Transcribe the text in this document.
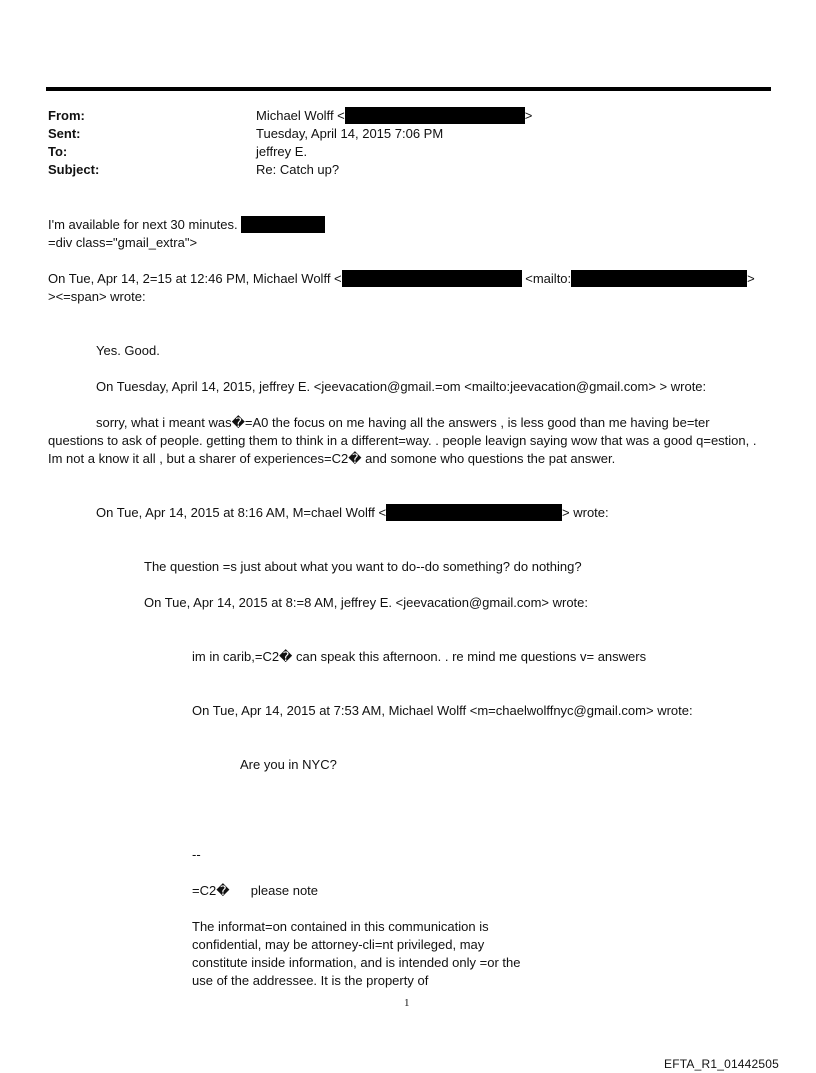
From:	Michael Wolff <	>
Sent:	Tuesday, April 14, 2015 7:06 PM
To:	jeffrey E.
Subject:	Re: Catch up?
I'm available for next 30 minutes.
=div class="gmail_extra">
On Tue, Apr 14, 2=15 at 12:46 PM, Michael Wolff <	<mailto:	>
><=span> wrote:
Yes. Good.
On Tuesday, April 14, 2015, jeffrey E. <jeevacation@gmail.=om <mailto:jeevacation@gmail.com> > wrote:
sorry, what i meant was�=A0 the focus on me having all the answers , is less good than me having be=ter questions to ask of people. getting them to think in a different=way. . people leavign saying wow that was a good q=estion, . Im not a know it all , but a sharer of experiences=C2� and somone who questions the pat answer.
On Tue, Apr 14, 2015 at 8:16 AM, M=chael Wolff <	> wrote:
The question =s just about what you want to do--do something? do nothing?
On Tue, Apr 14, 2015 at 8:=8 AM, jeffrey E. <jeevacation@gmail.com> wrote:
im in carib,=C2� can speak this afternoon. . re mind me questions v= answers
On Tue, Apr 14, 2015 at 7:53 AM, Michael Wolff <m=chaelwolffnyc@gmail.com> wrote:
Are you in NYC?
--
=C2� please note
The informat=on contained in this communication is confidential, may be attorney-cli=nt privileged, may constitute inside information, and is intended only =or the use of the addressee. It is the property of
1
EFTA_R1_01442505
